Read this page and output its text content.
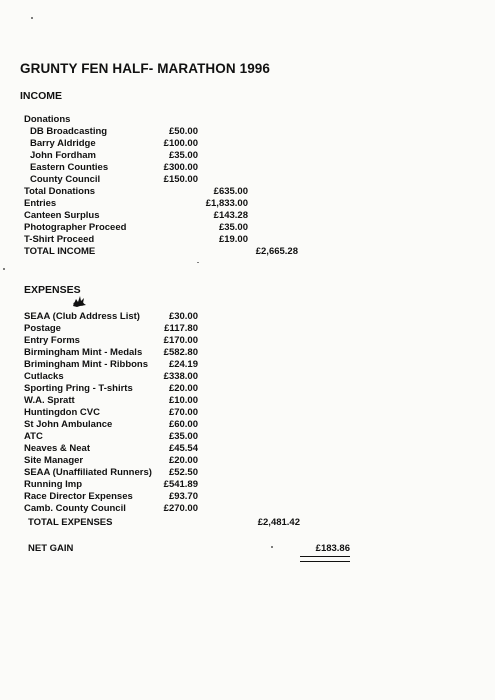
GRUNTY FEN HALF- MARATHON 1996
INCOME
Donations
DB Broadcasting	£50.00
Barry Aldridge	£100.00
John Fordham	£35.00
Eastern Counties	£300.00
County Council	£150.00
Total Donations	£635.00
Entries	£1,833.00
Canteen Surplus	£143.28
Photographer Proceed	£35.00
T-Shirt Proceed	£19.00
TOTAL INCOME	£2,665.28
EXPENSES
SEAA (Club Address List)	£30.00
Postage	£117.80
Entry Forms	£170.00
Birmingham Mint - Medals	£582.80
Brimingham Mint - Ribbons	£24.19
Cutlacks	£338.00
Sporting Pring - T-shirts	£20.00
W.A. Spratt	£10.00
Huntingdon CVC	£70.00
St John Ambulance	£60.00
ATC	£35.00
Neaves & Neat	£45.54
Site Manager	£20.00
SEAA (Unaffiliated Runners)	£52.50
Running Imp	£541.89
Race Director Expenses	£93.70
Camb. County Council	£270.00
TOTAL EXPENSES	£2,481.42
NET GAIN	£183.86
